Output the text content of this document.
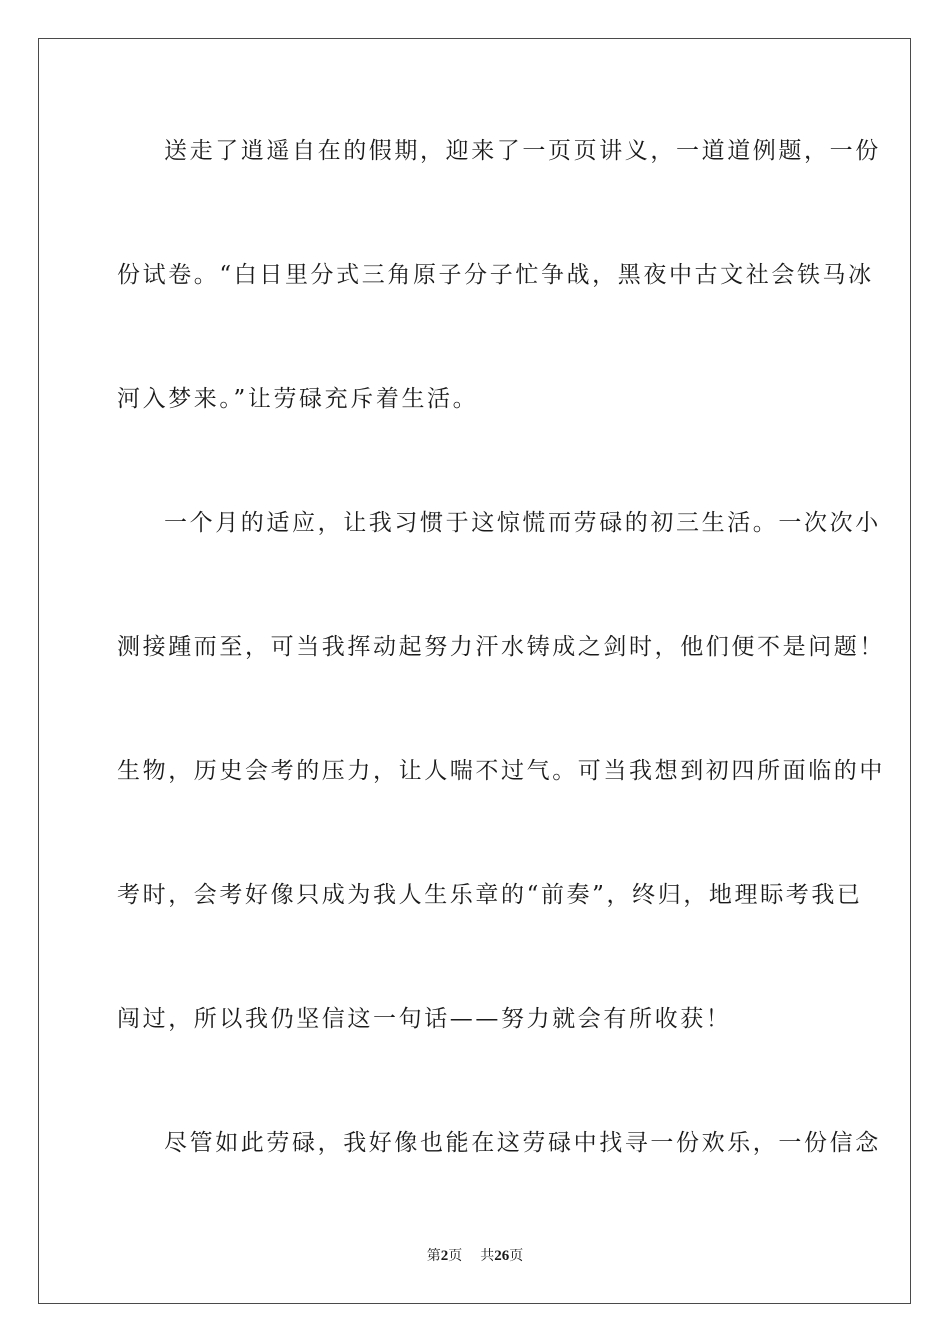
送走了逍遥自在的假期，迎来了一页页讲义，一道道例题，一份
份试卷。“白日里分式三角原子分子忙争战，黑夜中古文社会铁马冰
河入梦来。”让劳碌充斥着生活。
一个月的适应，让我习惯于这惊慌而劳碌的初三生活。一次次小
测接踵而至，可当我挥动起努力汗水铸成之剑时，他们便不是问题！
生物，历史会考的压力，让人喘不过气。可当我想到初四所面临的中
考时，会考好像只成为我人生乐章的“前奏”，终归，地理眎考我已
闯过，所以我仍坚信这一句话——努力就会有所收获！
尽管如此劳碌，我好像也能在这劳碌中找寻一份欢乐，一份信念
第2页 共26页
